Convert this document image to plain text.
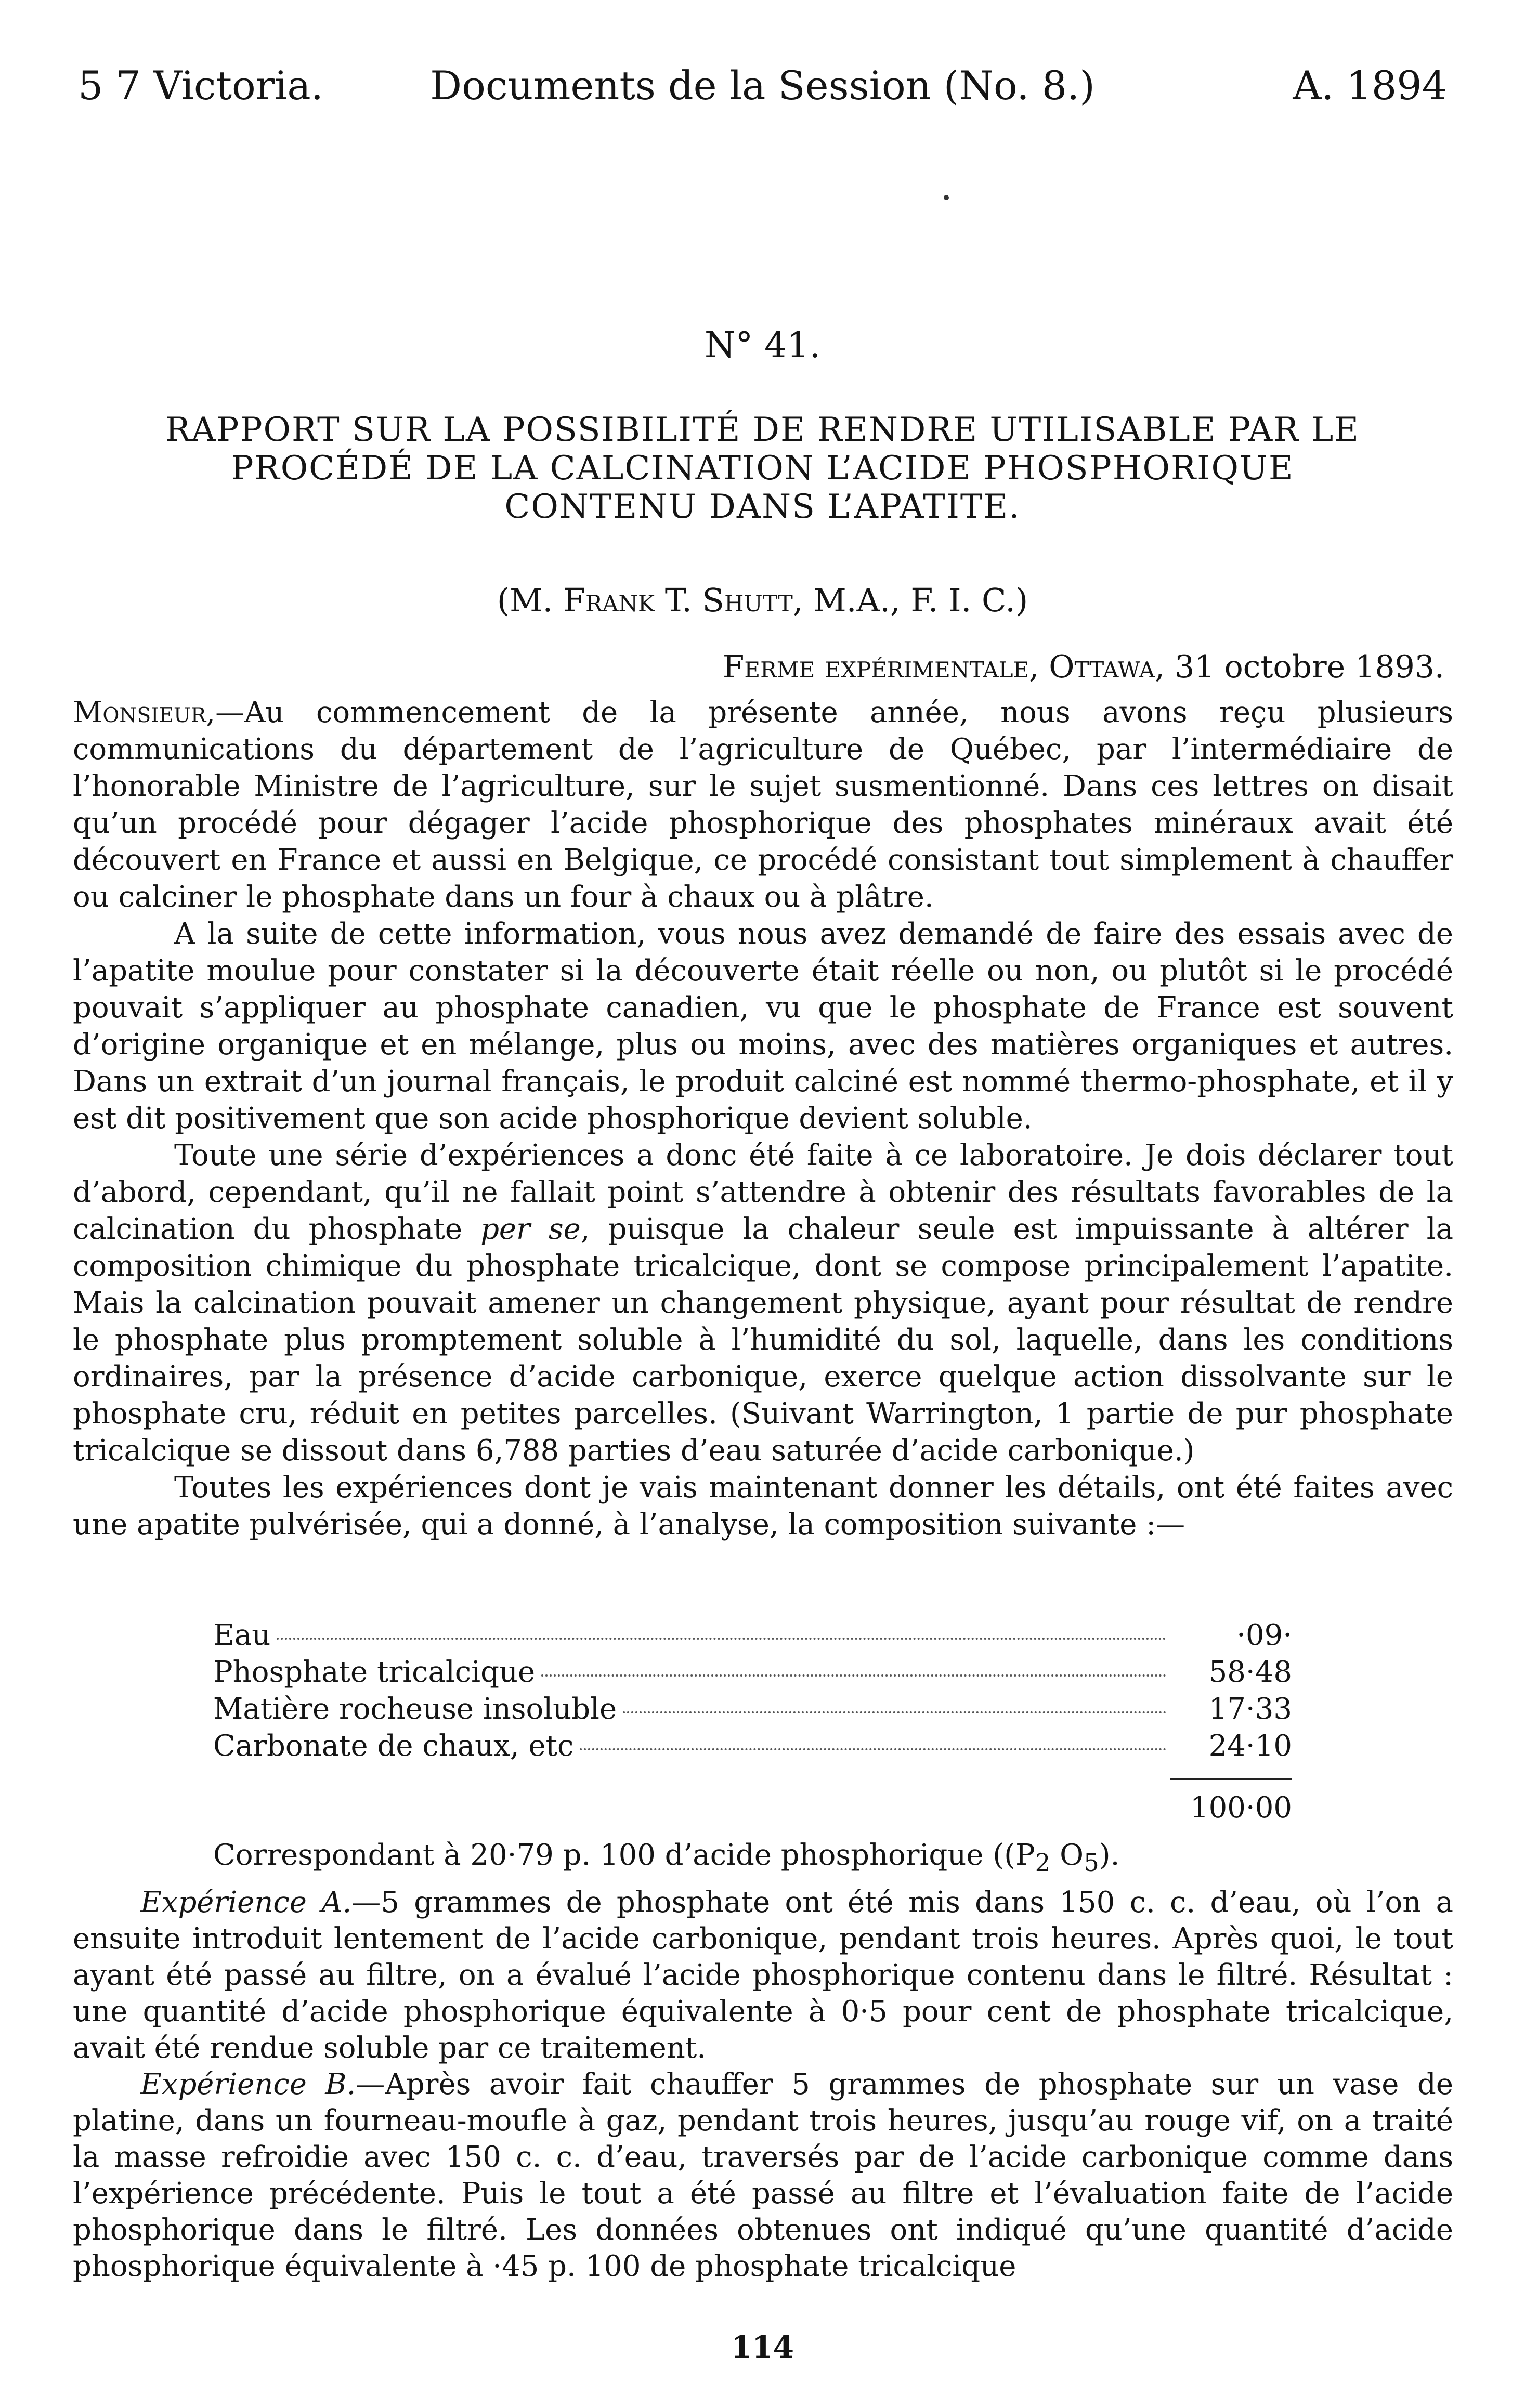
5 7 Victoria.	Documents de la Session (No. 8.)	A. 1894
N° 41.
RAPPORT SUR LA POSSIBILITÉ DE RENDRE UTILISABLE PAR LE
PROCÉDÉ DE LA CALCINATION L’ACIDE PHOSPHORIQUE
CONTENU DANS L’APATITE.
(M. Frank T. Shutt, M.A., F. I. C.)
Ferme expérimentale, Ottawa, 31 octobre 1893.

Monsieur,—Au commencement de la présente année, nous avons reçu plusieurs communications du département de l’agriculture de Québec, par l’intermédiaire de l’honorable Ministre de l’agriculture, sur le sujet susmentionné. Dans ces lettres on disait qu’un procédé pour dégager l’acide phosphorique des phosphates minéraux avait été découvert en France et aussi en Belgique, ce procédé consistant tout simplement à chauffer ou calciner le phosphate dans un four à chaux ou à plâtre.

A la suite de cette information, vous nous avez demandé de faire des essais avec de l’apatite moulue pour constater si la découverte était réelle ou non, ou plutôt si le procédé pouvait s’appliquer au phosphate canadien, vu que le phosphate de France est souvent d’origine organique et en mélange, plus ou moins, avec des matières organiques et autres. Dans un extrait d’un journal français, le produit calciné est nommé thermo-phosphate, et il y est dit positivement que son acide phosphorique devient soluble.

Toute une série d’expériences a donc été faite à ce laboratoire. Je dois déclarer tout d’abord, cependant, qu’il ne fallait point s’attendre à obtenir des résultats favorables de la calcination du phosphate per se, puisque la chaleur seule est impuissante à altérer la composition chimique du phosphate tricalcique, dont se compose principalement l’apatite. Mais la calcination pouvait amener un changement physique, ayant pour résultat de rendre le phosphate plus promptement soluble à l’humidité du sol, laquelle, dans les conditions ordinaires, par la présence d’acide carbonique, exerce quelque action dissolvante sur le phosphate cru, réduit en petites parcelles. (Suivant Warrington, 1 partie de pur phosphate tricalcique se dissout dans 6,788 parties d’eau saturée d’acide carbonique.)

Toutes les expériences dont je vais maintenant donner les détails, ont été faites avec une apatite pulvérisée, qui a donné, à l’analyse, la composition suivante :—

Eau	·09·
Phosphate tricalcique	58·48
Matière rocheuse insoluble	17·33
Carbonate de chaux, etc	24·10
100·00
Correspondant à 20·79 p. 100 d’acide phosphorique (($P_2$ $O_5$).

Expérience A.—5 grammes de phosphate ont été mis dans 150 c. c. d’eau, où l’on a ensuite introduit lentement de l’acide carbonique, pendant trois heures. Après quoi, le tout ayant été passé au filtre, on a évalué l’acide phosphorique contenu dans le filtré. Résultat : une quantité d’acide phosphorique équivalente à 0·5 pour cent de phosphate tricalcique, avait été rendue soluble par ce traitement.

Expérience B.—Après avoir fait chauffer 5 grammes de phosphate sur un vase de platine, dans un fourneau-moufle à gaz, pendant trois heures, jusqu’au rouge vif, on a traité la masse refroidie avec 150 c. c. d’eau, traversés par de l’acide carbonique comme dans l’expérience précédente. Puis le tout a été passé au filtre et l’évaluation faite de l’acide phosphorique dans le filtré. Les données obtenues ont indiqué qu’une quantité d’acide phosphorique équivalente à ·45 p. 100 de phosphate tricalcique

114
